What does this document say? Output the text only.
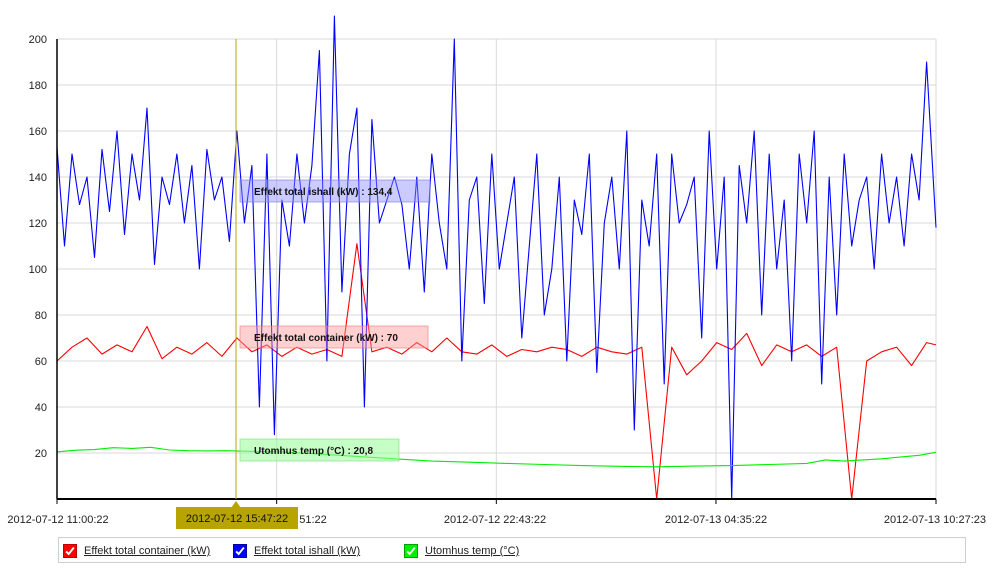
20
40
60
80
100
120
140
160
180
200
2012-07-12 11:00:22	51:22	2012-07-12 22:43:22	2012-07-13 04:35:22	2012-07-13 10:27:23
2012-07-12 15:47:22
Effekt total ishall (kW) : 134,4
Effekt total container (kW) : 70
Utomhus temp (°C) : 20,8
Effekt total container (kW)	Effekt total ishall (kW)	Utomhus temp (°C)
